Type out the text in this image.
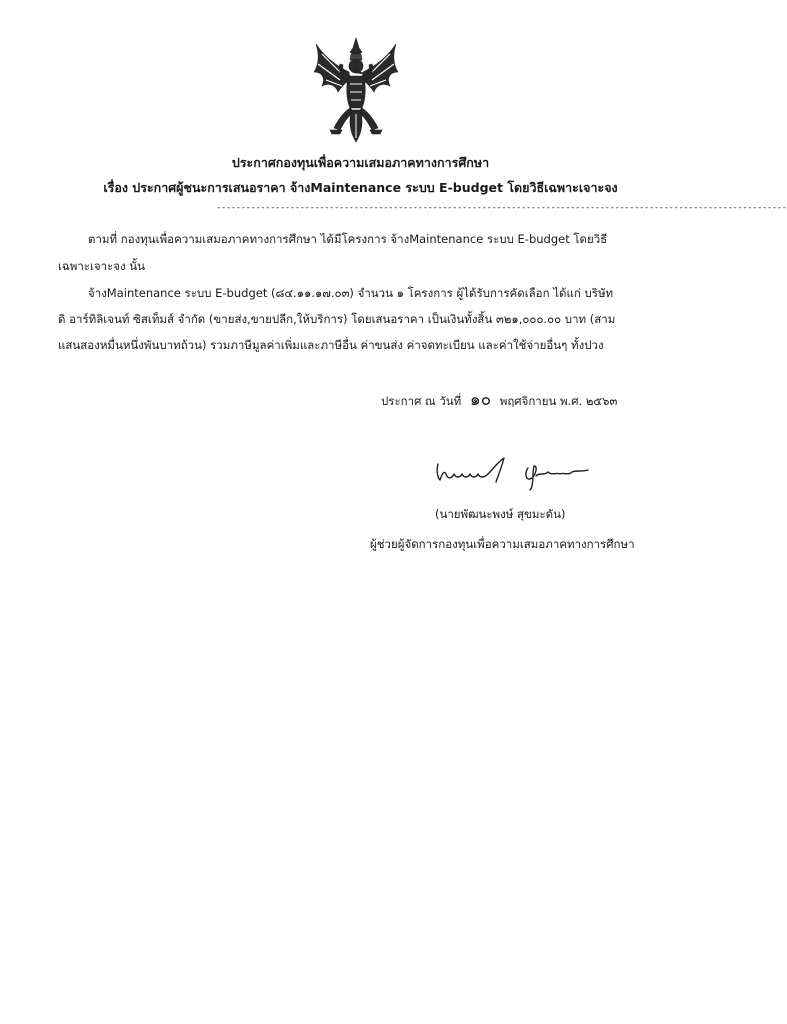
ประกาศกองทุนเพื่อความเสมอภาคทางการศึกษา
เรื่อง ประกาศผู้ชนะการเสนอราคา จ้างMaintenance ระบบ E-budget โดยวิธีเฉพาะเจาะจง
--------------------------------------------------------------------------------------------------------------------
ตามที่ กองทุนเพื่อความเสมอภาคทางการศึกษา ได้มีโครงการ จ้างMaintenance ระบบ E-budget โดยวิธี
เฉพาะเจาะจง นั้น
จ้างMaintenance ระบบ E-budget (๘๔.๑๑.๑๗.๐๓) จำนวน ๑ โครงการ ผู้ได้รับการคัดเลือก ได้แก่ บริษัท
ดิ อาร์ทิลิเจนท์ ซิสเท็มส์ จำกัด (ขายส่ง,ขายปลีก,ให้บริการ) โดยเสนอราคา เป็นเงินทั้งสิ้น ๓๒๑,๐๐๐.๐๐ บาท (สาม
แสนสองหมื่นหนึ่งพันบาทถ้วน) รวมภาษีมูลค่าเพิ่มและภาษีอื่น ค่าขนส่ง ค่าจดทะเบียน และค่าใช้จ่ายอื่นๆ ทั้งปวง
ประกาศ ณ วันที่ ๑๐ พฤศจิกายน พ.ศ. ๒๕๖๓
(นายพัฒนะพงษ์ สุขมะดัน)
ผู้ช่วยผู้จัดการกองทุนเพื่อความเสมอภาคทางการศึกษา
